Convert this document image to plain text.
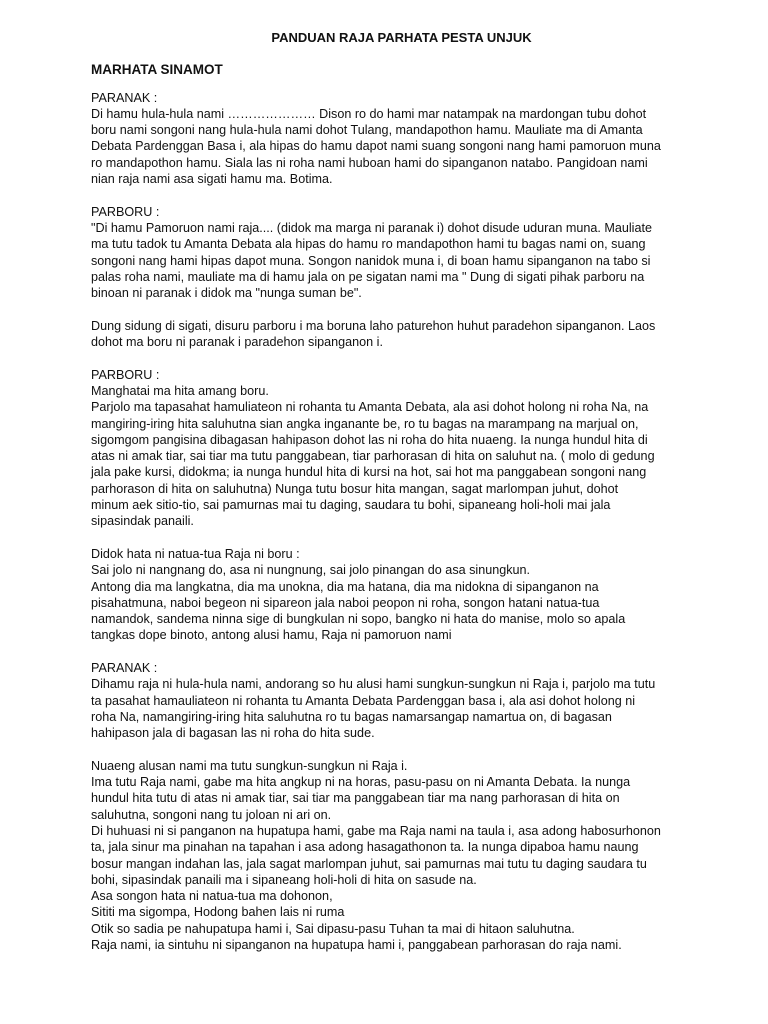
PANDUAN RAJA PARHATA PESTA UNJUK
MARHATA SINAMOT
PARANAK :
Di hamu hula-hula nami ………………… Dison ro do hami mar natampak na mardongan tubu dohot
boru nami songoni nang hula-hula nami dohot Tulang, mandapothon hamu. Mauliate ma di Amanta
Debata Pardenggan Basa i, ala hipas do hamu dapot nami suang songoni nang hami pamoruon muna
ro mandapothon hamu. Siala las ni roha nami huboan hami do sipanganon natabo. Pangidoan nami
nian raja nami asa sigati hamu ma. Botima.
PARBORU :
"Di hamu Pamoruon nami raja.... (didok ma marga ni paranak i) dohot disude uduran muna. Mauliate
ma tutu tadok tu Amanta Debata ala hipas do hamu ro mandapothon hami tu bagas nami on, suang
songoni nang hami hipas dapot muna. Songon nanidok muna i, di boan hamu sipanganon na tabo si
palas roha nami, mauliate ma di hamu jala on pe sigatan nami ma " Dung di sigati pihak parboru na
binoan ni paranak i didok ma "nunga suman be".
Dung sidung di sigati, disuru parboru i ma boruna laho paturehon huhut paradehon sipanganon. Laos
dohot ma boru ni paranak i paradehon sipanganon i.
PARBORU :
Manghatai ma hita amang boru.
Parjolo ma tapasahat hamuliateon ni rohanta tu Amanta Debata, ala asi dohot holong ni roha Na, na
mangiring-iring hita saluhutna sian angka inganante be, ro tu bagas na marampang na marjual on,
sigomgom pangisina dibagasan hahipason dohot las ni roha do hita nuaeng. Ia nunga hundul hita di
atas ni amak tiar, sai tiar ma tutu panggabean, tiar parhorasan di hita on saluhut na. ( molo di gedung
jala pake kursi, didokma; ia nunga hundul hita di kursi na hot, sai hot ma panggabean songoni nang
parhorason di hita on saluhutna) Nunga tutu bosur hita mangan, sagat marlompan juhut, dohot
minum aek sitio-tio, sai pamurnas mai tu daging, saudara tu bohi, sipaneang holi-holi mai jala
sipasindak panaili.
Didok hata ni natua-tua Raja ni boru :
Sai jolo ni nangnang do, asa ni nungnung, sai jolo pinangan do asa sinungkun.
Antong dia ma langkatna, dia ma unokna, dia ma hatana, dia ma nidokna di sipanganon na
pisahatmuna, naboi begeon ni sipareon jala naboi peopon ni roha, songon hatani natua-tua
namandok, sandema ninna sige di bungkulan ni sopo, bangko ni hata do manise, molo so apala
tangkas dope binoto, antong alusi hamu, Raja ni pamoruon nami
PARANAK :
Dihamu raja ni hula-hula nami, andorang so hu alusi hami sungkun-sungkun ni Raja i, parjolo ma tutu
ta pasahat hamauliateon ni rohanta tu Amanta Debata Pardenggan basa i, ala asi dohot holong ni
roha Na, namangiring-iring hita saluhutna ro tu bagas namarsangap namartua on, di bagasan
hahipason jala di bagasan las ni roha do hita sude.
Nuaeng alusan nami ma tutu sungkun-sungkun ni Raja i.
Ima tutu Raja nami, gabe ma hita angkup ni na horas, pasu-pasu on ni Amanta Debata. Ia nunga
hundul hita tutu di atas ni amak tiar, sai tiar ma panggabean tiar ma nang parhorasan di hita on
saluhutna, songoni nang tu joloan ni ari on.
Di huhuasi ni si panganon na hupatupa hami, gabe ma Raja nami na taula i, asa adong habosurhonon
ta, jala sinur ma pinahan na tapahan i asa adong hasagathonon ta. Ia nunga dipaboa hamu naung
bosur mangan indahan las, jala sagat marlompan juhut, sai pamurnas mai tutu tu daging saudara tu
bohi, sipasindak panaili ma i sipaneang holi-holi di hita on sasude na.
Asa songon hata ni natua-tua ma dohonon,
Sititi ma sigompa, Hodong bahen lais ni ruma
Otik so sadia pe nahupatupa hami i, Sai dipasu-pasu Tuhan ta mai di hitaon saluhutna.
Raja nami, ia sintuhu ni sipanganon na hupatupa hami i, panggabean parhorasan do raja nami.
